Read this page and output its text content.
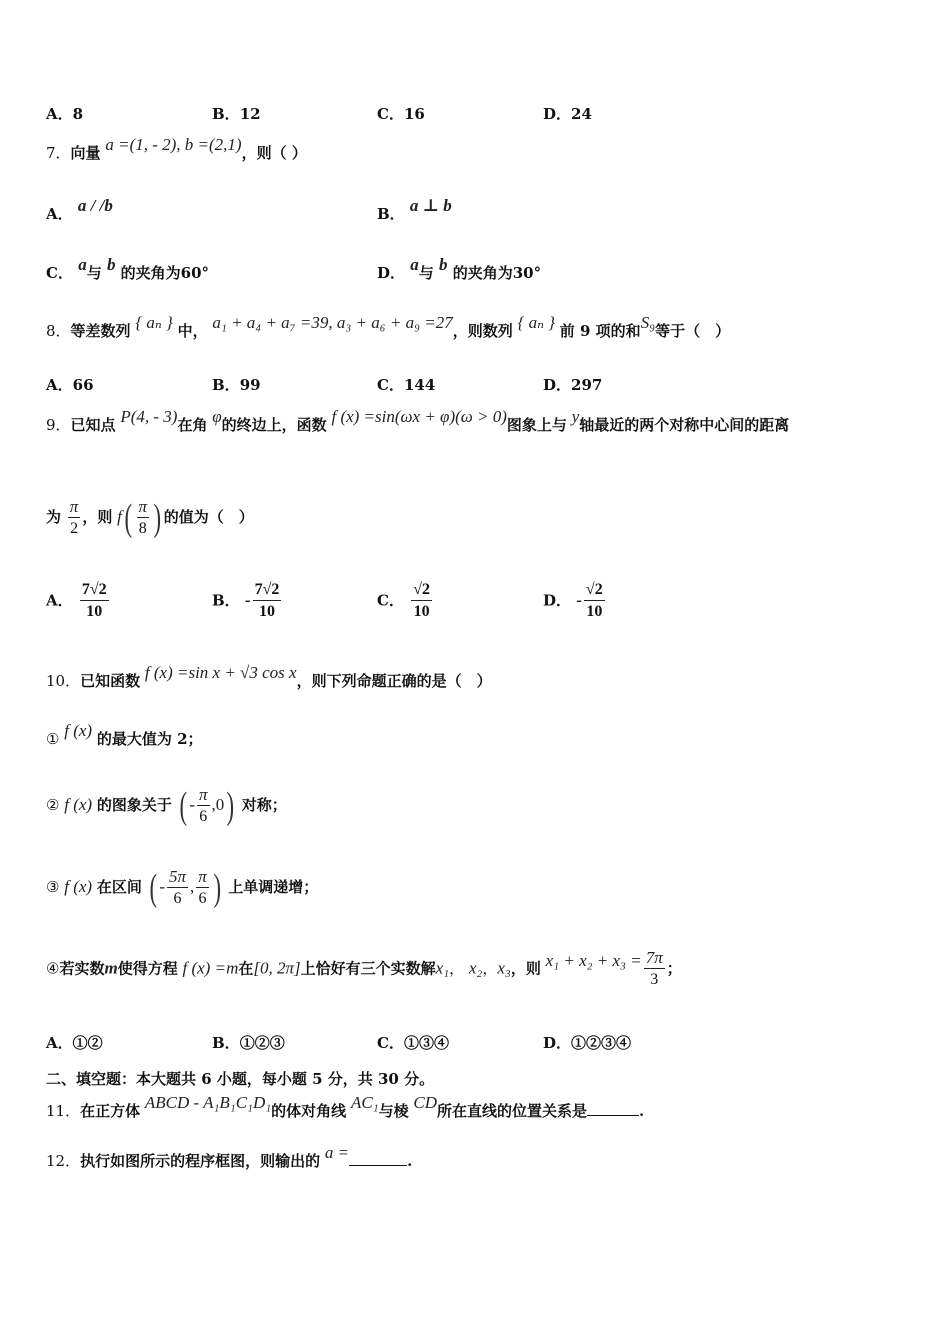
A．8	B．12	C．16	D．24
7．向量 a =(1, - 2), b =(2,1)，则（ ）
A． a / /b	B． a ⊥ b
C． a与 b 的夹角为60°	D． a与 b 的夹角为30°
8．等差数列 { aₙ } 中， a₁ + a₄ + a₇ =39, a₃ + a₆ + a₉ =27，则数列 { aₙ } 前 9 项的和S₉等于（　）
A．66	B．99	C．144	D．297
9．已知点 P(4, - 3)在角 φ的终边上，函数 f (x) =sin(ωx + φ)(ω > 0)图象上与 y轴最近的两个对称中心间的距离
为 $\frac{\pi}{2}$ ，则 $f( \frac{\pi}{8}$ ) 的值为（　）
A． $\frac{7√2}{10}$	B． - $\frac{7√2}{10}$	C． $\frac{√2}{10}$	D． - $\frac{√2}{10}$
10．已知函数 f (x) =sin x + √3 cos x，则下列命题正确的是（　）
① f (x) 的最大值为 2；
② f (x) 的图象关于 ( - $\frac{\pi}{6} ,0$) 对称；
③ f (x) 在区间 ( - $\frac{5\pi}{6}$ , $\frac{\pi}{6}$ ) 上单调递增；
④若实数m使得方程 f (x) =m在[0, 2π]上恰好有三个实数解x₁， x₂，x₃，则 $x_1 + x_2 + x_3 = \frac{7\pi}{3}$ ；
A．①②	B．①②③	C．①③④	D．①②③④
二、填空题：本大题共 6 小题，每小题 5 分，共 30 分。
11．在正方体 ABCD - A₁B₁C₁D₁的体对角线 AC₁与棱 CD所在直线的位置关系是	.
12．执行如图所示的程序框图，则输出的 a =	.
